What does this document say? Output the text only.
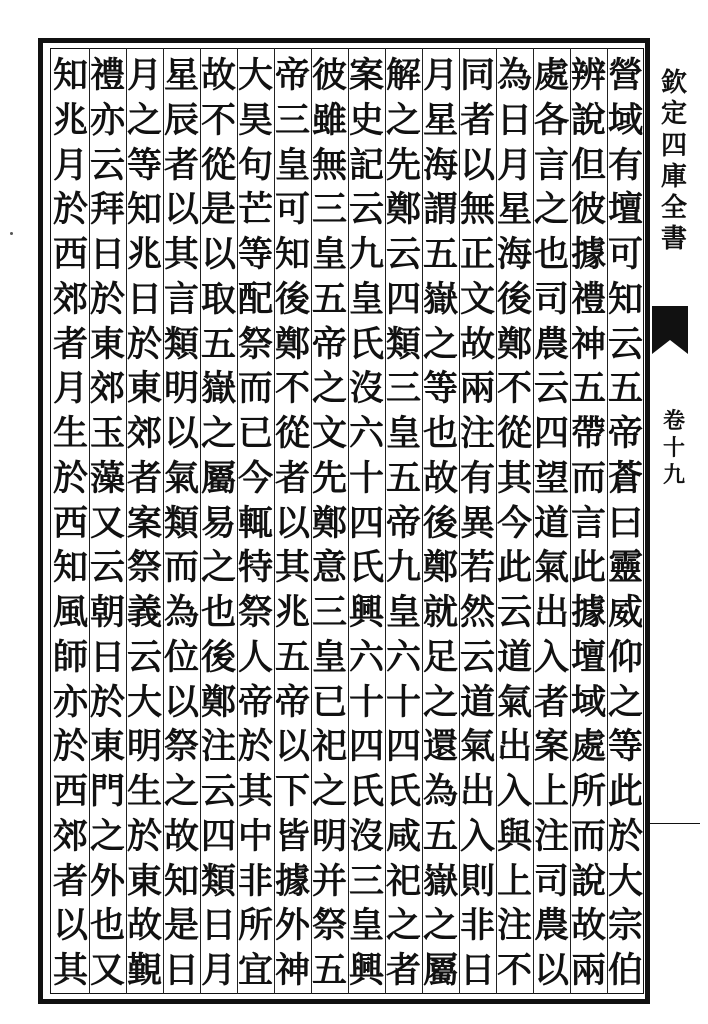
營
域
有
壇
可
知
云
五
帝
蒼
曰
靈
威
仰
之
等
此
於
大
宗
伯
辨
說
但
彼
據
禮
神
五
帶
而
言
此
據
壇
域
處
所
而
說
故
兩
處
各
言
之
也
司
農
云
四
望
道
氣
出
入
者
案
上
注
司
農
以
為
日
月
星
海
後
鄭
不
從
其
今
此
云
道
氣
出
入
與
上
注
不
同
者
以
無
正
文
故
兩
注
有
異
若
然
云
道
氣
出
入
則
非
日
月
星
海
謂
五
嶽
之
等
也
故
後
鄭
就
足
之
還
為
五
嶽
之
屬
解
之
先
鄭
云
四
類
三
皇
五
帝
九
皇
六
十
四
氏
咸
祀
之
者
案
史
記
云
九
皇
氏
沒
六
十
四
氏
興
六
十
四
氏
沒
三
皇
興
彼
雖
無
三
皇
五
帝
之
文
先
鄭
意
三
皇
已
祀
之
明
并
祭
五
帝
三
皇
可
知
後
鄭
不
從
者
以
其
兆
五
帝
以
下
皆
據
外
神
大
昊
句
芒
等
配
祭
而
已
今
輒
特
祭
人
帝
於
其
中
非
所
宜
故
不
從
是
以
取
五
嶽
之
屬
易
之
也
後
鄭
注
云
四
類
日
月
星
辰
者
以
其
言
類
明
以
氣
類
而
為
位
以
祭
之
故
知
是
日
月
之
等
知
兆
日
於
東
郊
者
案
祭
義
云
大
明
生
於
東
故
覲
禮
亦
云
拜
日
於
東
郊
玉
藻
又
云
朝
日
於
東
門
之
外
也
又
知
兆
月
於
西
郊
者
月
生
於
西
知
風
師
亦
於
西
郊
者
以
其
欽
定
四
庫
全
書
卷
十
九
